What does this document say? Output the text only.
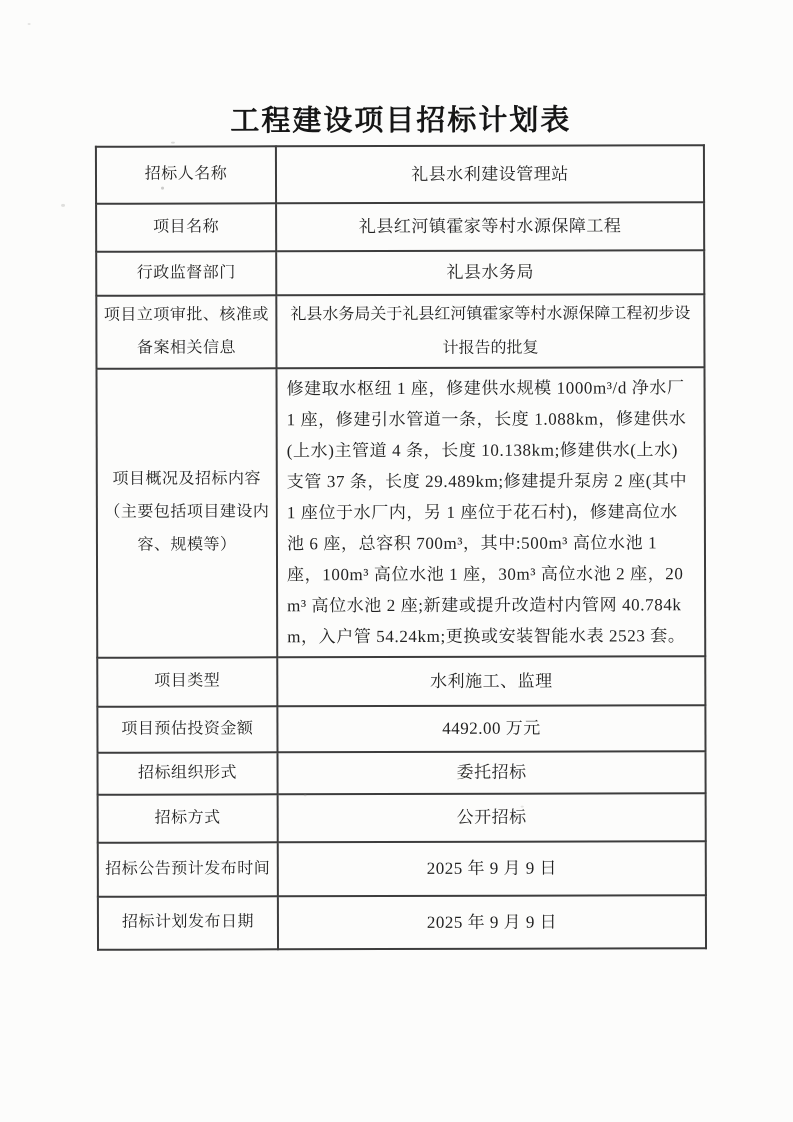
工程建设项目招标计划表
招标人名称	礼县水利建设管理站
项目名称	礼县红河镇霍家等村水源保障工程
行政监督部门	礼县水务局
项目立项审批、核准或备案相关信息	礼县水务局关于礼县红河镇霍家等村水源保障工程初步设计报告的批复
项目概况及招标内容（主要包括项目建设内容、规模等）	修建取水枢纽 1 座，修建供水规模 1000m³/d 净水厂 1 座，修建引水管道一条，长度 1.088km，修建供水(上水)主管道 4 条，长度 10.138km;修建供水(上水)支管 37 条，长度 29.489km;修建提升泵房 2 座(其中 1 座位于水厂内，另 1 座位于花石村)，修建高位水池 6 座，总容积 700m³，其中:500m³ 高位水池 1 座，100m³ 高位水池 1 座，30m³ 高位水池 2 座，20m³ 高位水池 2 座;新建或提升改造村内管网 40.784km，入户管 54.24km;更换或安装智能水表 2523 套。
项目类型	水利施工、监理
项目预估投资金额	4492.00 万元
招标组织形式	委托招标
招标方式	公开招标
招标公告预计发布时间	2025 年 9 月 9 日
招标计划发布日期	2025 年 9 月 9 日
